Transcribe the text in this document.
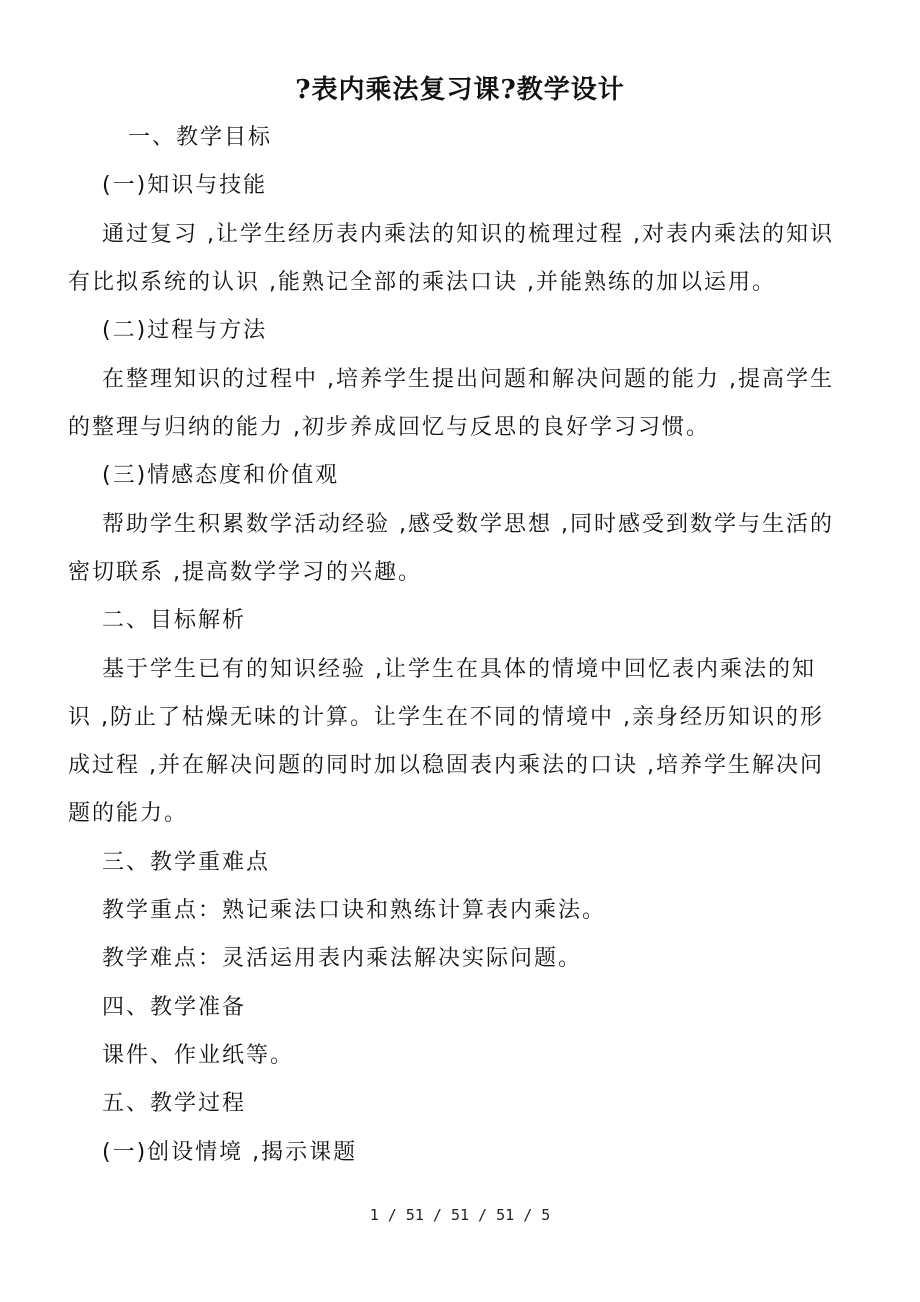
?表内乘法复习课?教学设计
一、教学目标
(一)知识与技能
通过复习 ,让学生经历表内乘法的知识的梳理过程 ,对表内乘法的知识
有比拟系统的认识 ,能熟记全部的乘法口诀 ,并能熟练的加以运用。
(二)过程与方法
在整理知识的过程中 ,培养学生提出问题和解决问题的能力 ,提高学生
的整理与归纳的能力 ,初步养成回忆与反思的良好学习习惯。
(三)情感态度和价值观
帮助学生积累数学活动经验 ,感受数学思想 ,同时感受到数学与生活的
密切联系 ,提高数学学习的兴趣。
二、目标解析
基于学生已有的知识经验 ,让学生在具体的情境中回忆表内乘法的知
识 ,防止了枯燥无味的计算。让学生在不同的情境中 ,亲身经历知识的形
成过程 ,并在解决问题的同时加以稳固表内乘法的口诀 ,培养学生解决问
题的能力。
三、教学重难点
教学重点：熟记乘法口诀和熟练计算表内乘法。
教学难点：灵活运用表内乘法解决实际问题。
四、教学准备
课件、作业纸等。
五、教学过程
(一)创设情境 ,揭示课题
1 / 51 / 51 / 51 / 5
